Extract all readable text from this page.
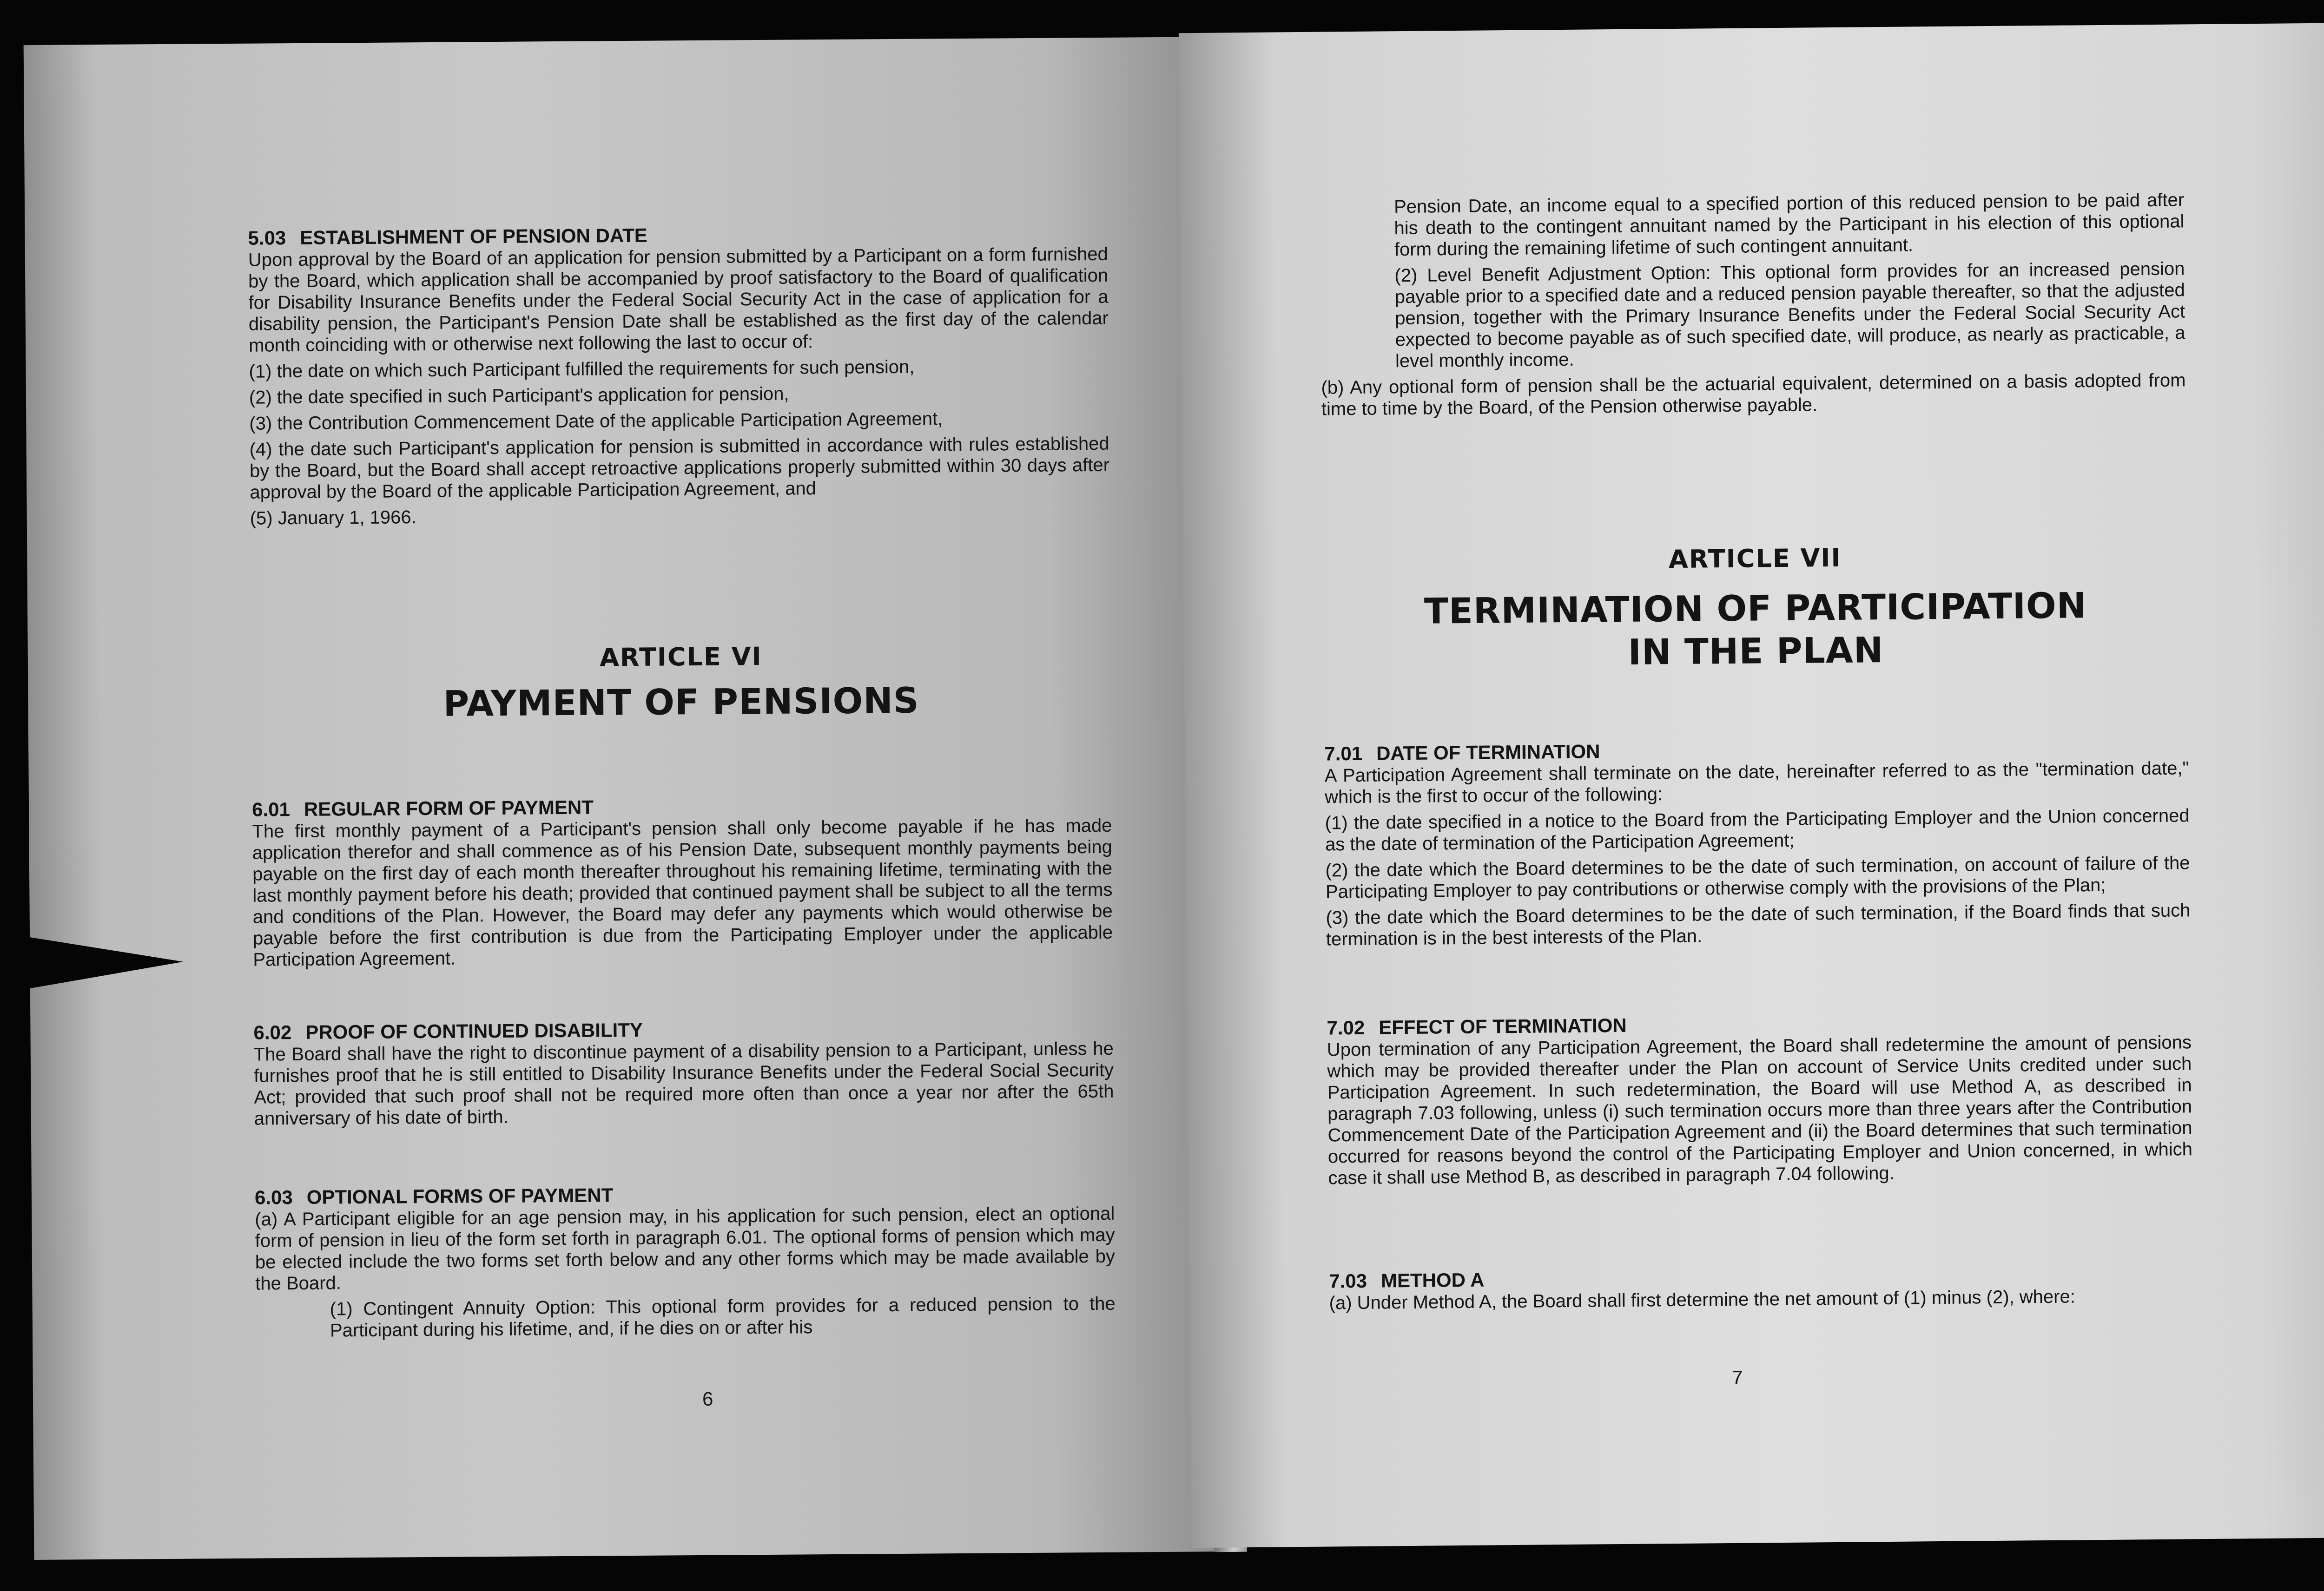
5.03 ESTABLISHMENT OF PENSION DATE

Upon approval by the Board of an application for pension submitted by a Participant on a form furnished by the Board, which application shall be accompanied by proof satisfactory to the Board of qualification for Disability Insurance Benefits under the Federal Social Security Act in the case of application for a disability pension, the Participant's Pension Date shall be established as the first day of the calendar month coinciding with or otherwise next following the last to occur of:

(1) the date on which such Participant fulfilled the requirements for such pension,

(2) the date specified in such Participant's application for pension,

(3) the Contribution Commencement Date of the applicable Participation Agreement,

(4) the date such Participant's application for pension is submitted in accordance with rules established by the Board, but the Board shall accept retroactive applications properly submitted within 30 days after approval by the Board of the applicable Participation Agreement, and

(5) January 1, 1966.

ARTICLE VI
PAYMENT OF PENSIONS
6.01 REGULAR FORM OF PAYMENT

The first monthly payment of a Participant's pension shall only become payable if he has made application therefor and shall commence as of his Pension Date, subsequent monthly payments being payable on the first day of each month thereafter throughout his remaining lifetime, terminating with the last monthly payment before his death; provided that continued payment shall be subject to all the terms and conditions of the Plan. However, the Board may defer any payments which would otherwise be payable before the first contribution is due from the Participating Employer under the applicable Participation Agreement.

6.02 PROOF OF CONTINUED DISABILITY

The Board shall have the right to discontinue payment of a disability pension to a Participant, unless he furnishes proof that he is still entitled to Disability Insurance Benefits under the Federal Social Security Act; provided that such proof shall not be required more often than once a year nor after the 65th anniversary of his date of birth.

6.03 OPTIONAL FORMS OF PAYMENT

(a) A Participant eligible for an age pension may, in his application for such pension, elect an optional form of pension in lieu of the form set forth in paragraph 6.01. The optional forms of pension which may be elected include the two forms set forth below and any other forms which may be made available by the Board.

(1) Contingent Annuity Option: This optional form provides for a reduced pension to the Participant during his lifetime, and, if he dies on or after his

6

Pension Date, an income equal to a specified portion of this reduced pension to be paid after his death to the contingent annuitant named by the Participant in his election of this optional form during the remaining lifetime of such contingent annuitant.

(2) Level Benefit Adjustment Option: This optional form provides for an increased pension payable prior to a specified date and a reduced pension payable thereafter, so that the adjusted pension, together with the Primary Insurance Benefits under the Federal Social Security Act expected to become payable as of such specified date, will produce, as nearly as practicable, a level monthly income.

(b) Any optional form of pension shall be the actuarial equivalent, determined on a basis adopted from time to time by the Board, of the Pension otherwise payable.

ARTICLE VII
TERMINATION OF PARTICIPATION
IN THE PLAN
7.01 DATE OF TERMINATION

A Participation Agreement shall terminate on the date, hereinafter referred to as the "termination date," which is the first to occur of the following:

(1) the date specified in a notice to the Board from the Participating Employer and the Union concerned as the date of termination of the Participation Agreement;

(2) the date which the Board determines to be the date of such termination, on account of failure of the Participating Employer to pay contributions or otherwise comply with the provisions of the Plan;

(3) the date which the Board determines to be the date of such termination, if the Board finds that such termination is in the best interests of the Plan.

7.02 EFFECT OF TERMINATION

Upon termination of any Participation Agreement, the Board shall redetermine the amount of pensions which may be provided thereafter under the Plan on account of Service Units credited under such Participation Agreement. In such redetermination, the Board will use Method A, as described in paragraph 7.03 following, unless (i) such termination occurs more than three years after the Contribution Commencement Date of the Participation Agreement and (ii) the Board determines that such termination occurred for reasons beyond the control of the Participating Employer and Union concerned, in which case it shall use Method B, as described in paragraph 7.04 following.

7.03 METHOD A

(a) Under Method A, the Board shall first determine the net amount of (1) minus (2), where:

7
